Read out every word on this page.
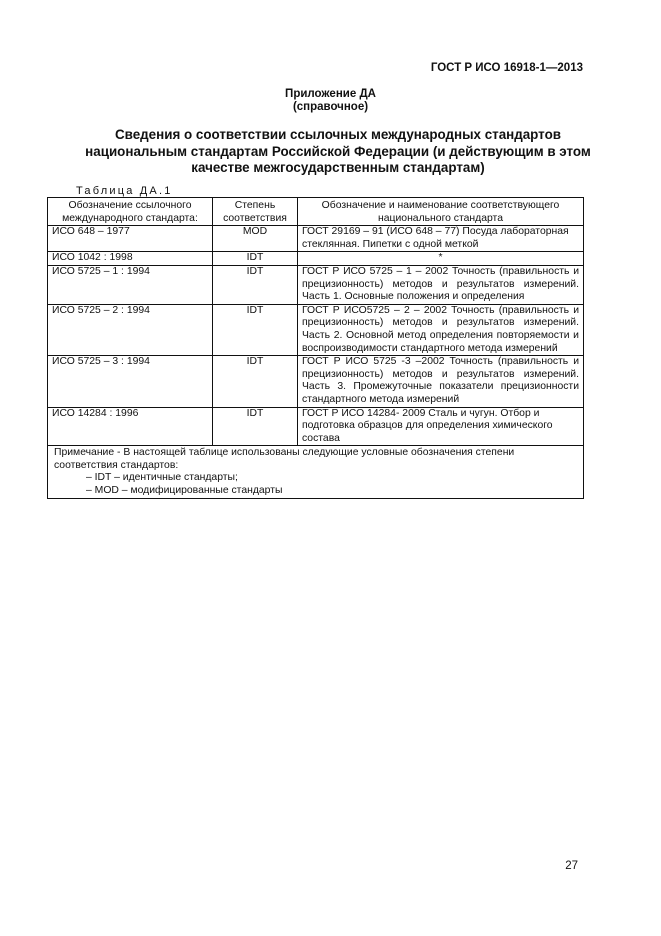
ГОСТ Р ИСО 16918-1—2013
Приложение ДА
(справочное)
Сведения о соответствии ссылочных международных стандартов
национальным стандартам Российской Федерации (и действующим в этом
качестве межгосударственным стандартам)
Таблица ДА.1
Обозначение ссылочного международного стандарта:	Степень соответствия	Обозначение и наименование соответствующего национального стандарта
ИСО 648 – 1977	MOD	ГОСТ 29169 – 91 (ИСО 648 – 77) Посуда лабораторная стеклянная. Пипетки с одной меткой
ИСО 1042 : 1998	IDT	*
ИСО 5725 – 1 : 1994	IDT	ГОСТ Р ИСО 5725 – 1 – 2002 Точность (правильность и прецизионность) методов и результатов измерений. Часть 1. Основные положения и определения
ИСО 5725 – 2 : 1994	IDT	ГОСТ Р ИСО5725 – 2 – 2002 Точность (правильность и прецизионность) методов и результатов измерений. Часть 2. Основной метод определения повторяемости и воспроизводимости стандартного метода измерений
ИСО 5725 – 3 : 1994	IDT	ГОСТ Р ИСО 5725 -3 –2002 Точность (правильность и прецизионность) методов и результатов измерений. Часть 3. Промежуточные показатели прецизионности стандартного метода измерений
ИСО 14284 : 1996	IDT	ГОСТ Р ИСО 14284- 2009 Сталь и чугун. Отбор и подготовка образцов для определения химического состава

Примечание - В настоящей таблице использованы следующие условные обозначения степени соответствия стандартов:
– IDT – идентичные стандарты;
– MOD – модифицированные стандарты		
27
